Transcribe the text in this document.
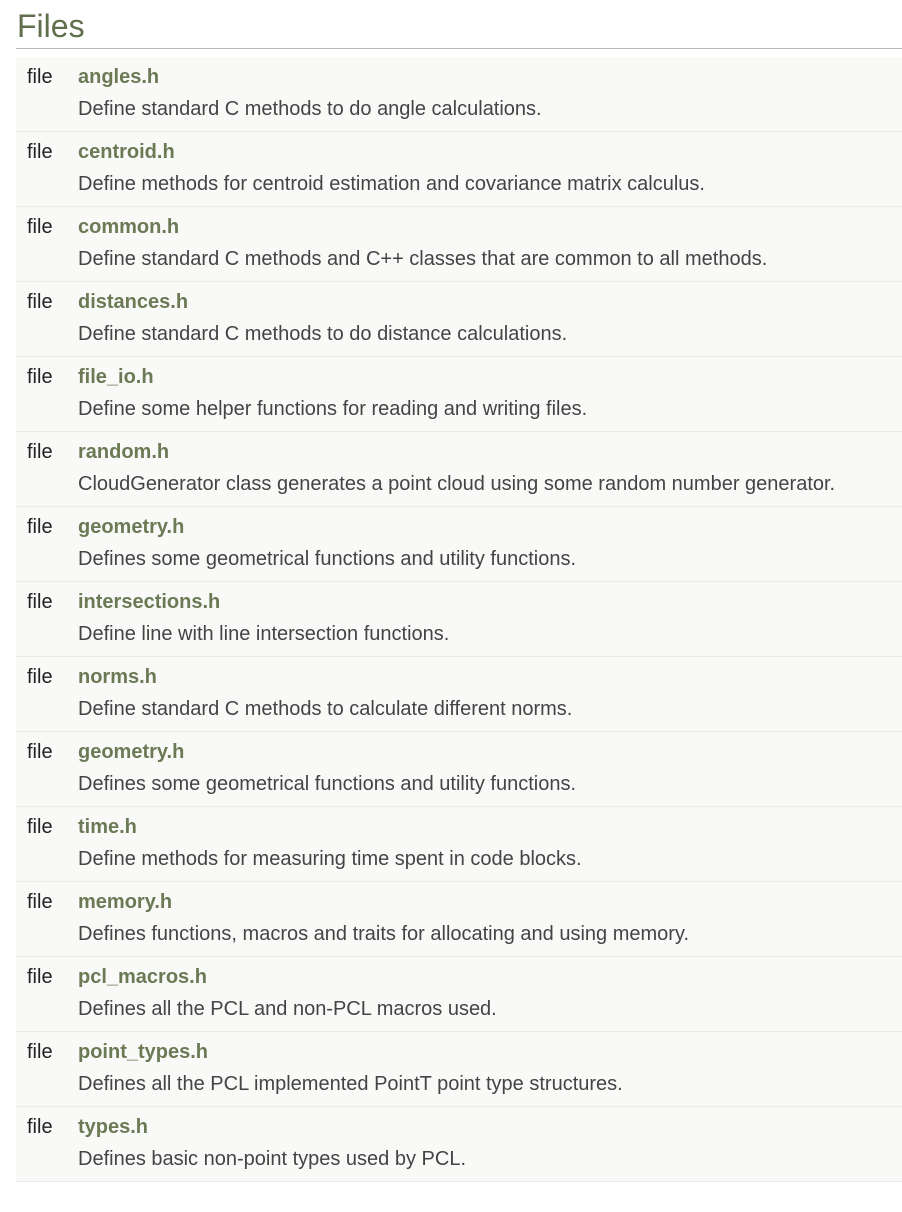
Files
file angles.h
Define standard C methods to do angle calculations.
file centroid.h
Define methods for centroid estimation and covariance matrix calculus.
file common.h
Define standard C methods and C++ classes that are common to all methods.
file distances.h
Define standard C methods to do distance calculations.
file file_io.h
Define some helper functions for reading and writing files.
file random.h
CloudGenerator class generates a point cloud using some random number generator.
file geometry.h
Defines some geometrical functions and utility functions.
file intersections.h
Define line with line intersection functions.
file norms.h
Define standard C methods to calculate different norms.
file geometry.h
Defines some geometrical functions and utility functions.
file time.h
Define methods for measuring time spent in code blocks.
file memory.h
Defines functions, macros and traits for allocating and using memory.
file pcl_macros.h
Defines all the PCL and non-PCL macros used.
file point_types.h
Defines all the PCL implemented PointT point type structures.
file types.h
Defines basic non-point types used by PCL.
